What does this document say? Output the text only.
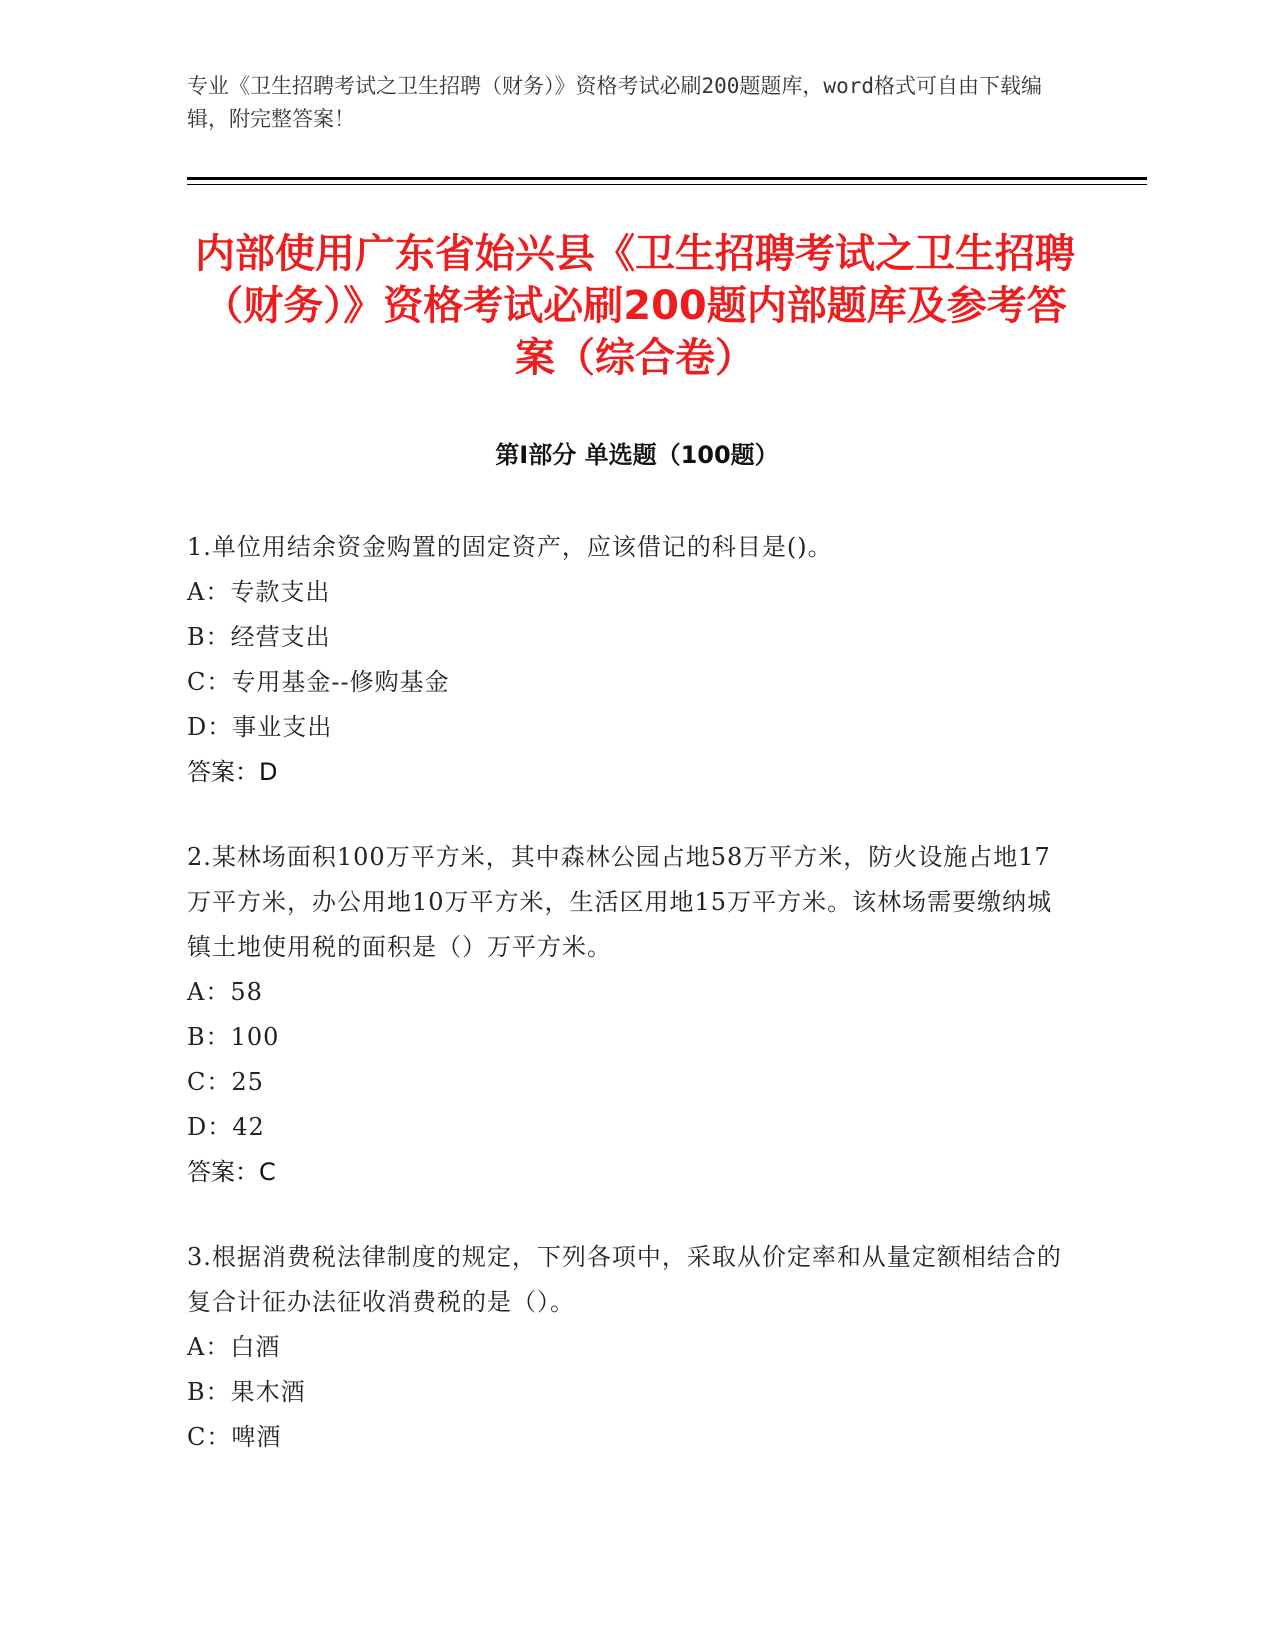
专业《卫生招聘考试之卫生招聘（财务）》资格考试必刷200题题库，word格式可自由下载编辑，附完整答案！

内部使用广东省始兴县《卫生招聘考试之卫生招聘（财务）》资格考试必刷200题内部题库及参考答案（综合卷）
第Ⅰ部分 单选题（100题）

1.单位用结余资金购置的固定资产，应该借记的科目是()。

A：专款支出

B：经营支出

C：专用基金--修购基金

D：事业支出

答案：D

2.某林场面积100万平方米，其中森林公园占地58万平方米，防火设施占地17万平方米，办公用地10万平方米，生活区用地15万平方米。该林场需要缴纳城镇土地使用税的面积是（）万平方米。

A：58

B：100

C：25

D：42

答案：C

3.根据消费税法律制度的规定，下列各项中，采取从价定率和从量定额相结合的复合计征办法征收消费税的是（）。

A：白酒

B：果木酒

C：啤酒
